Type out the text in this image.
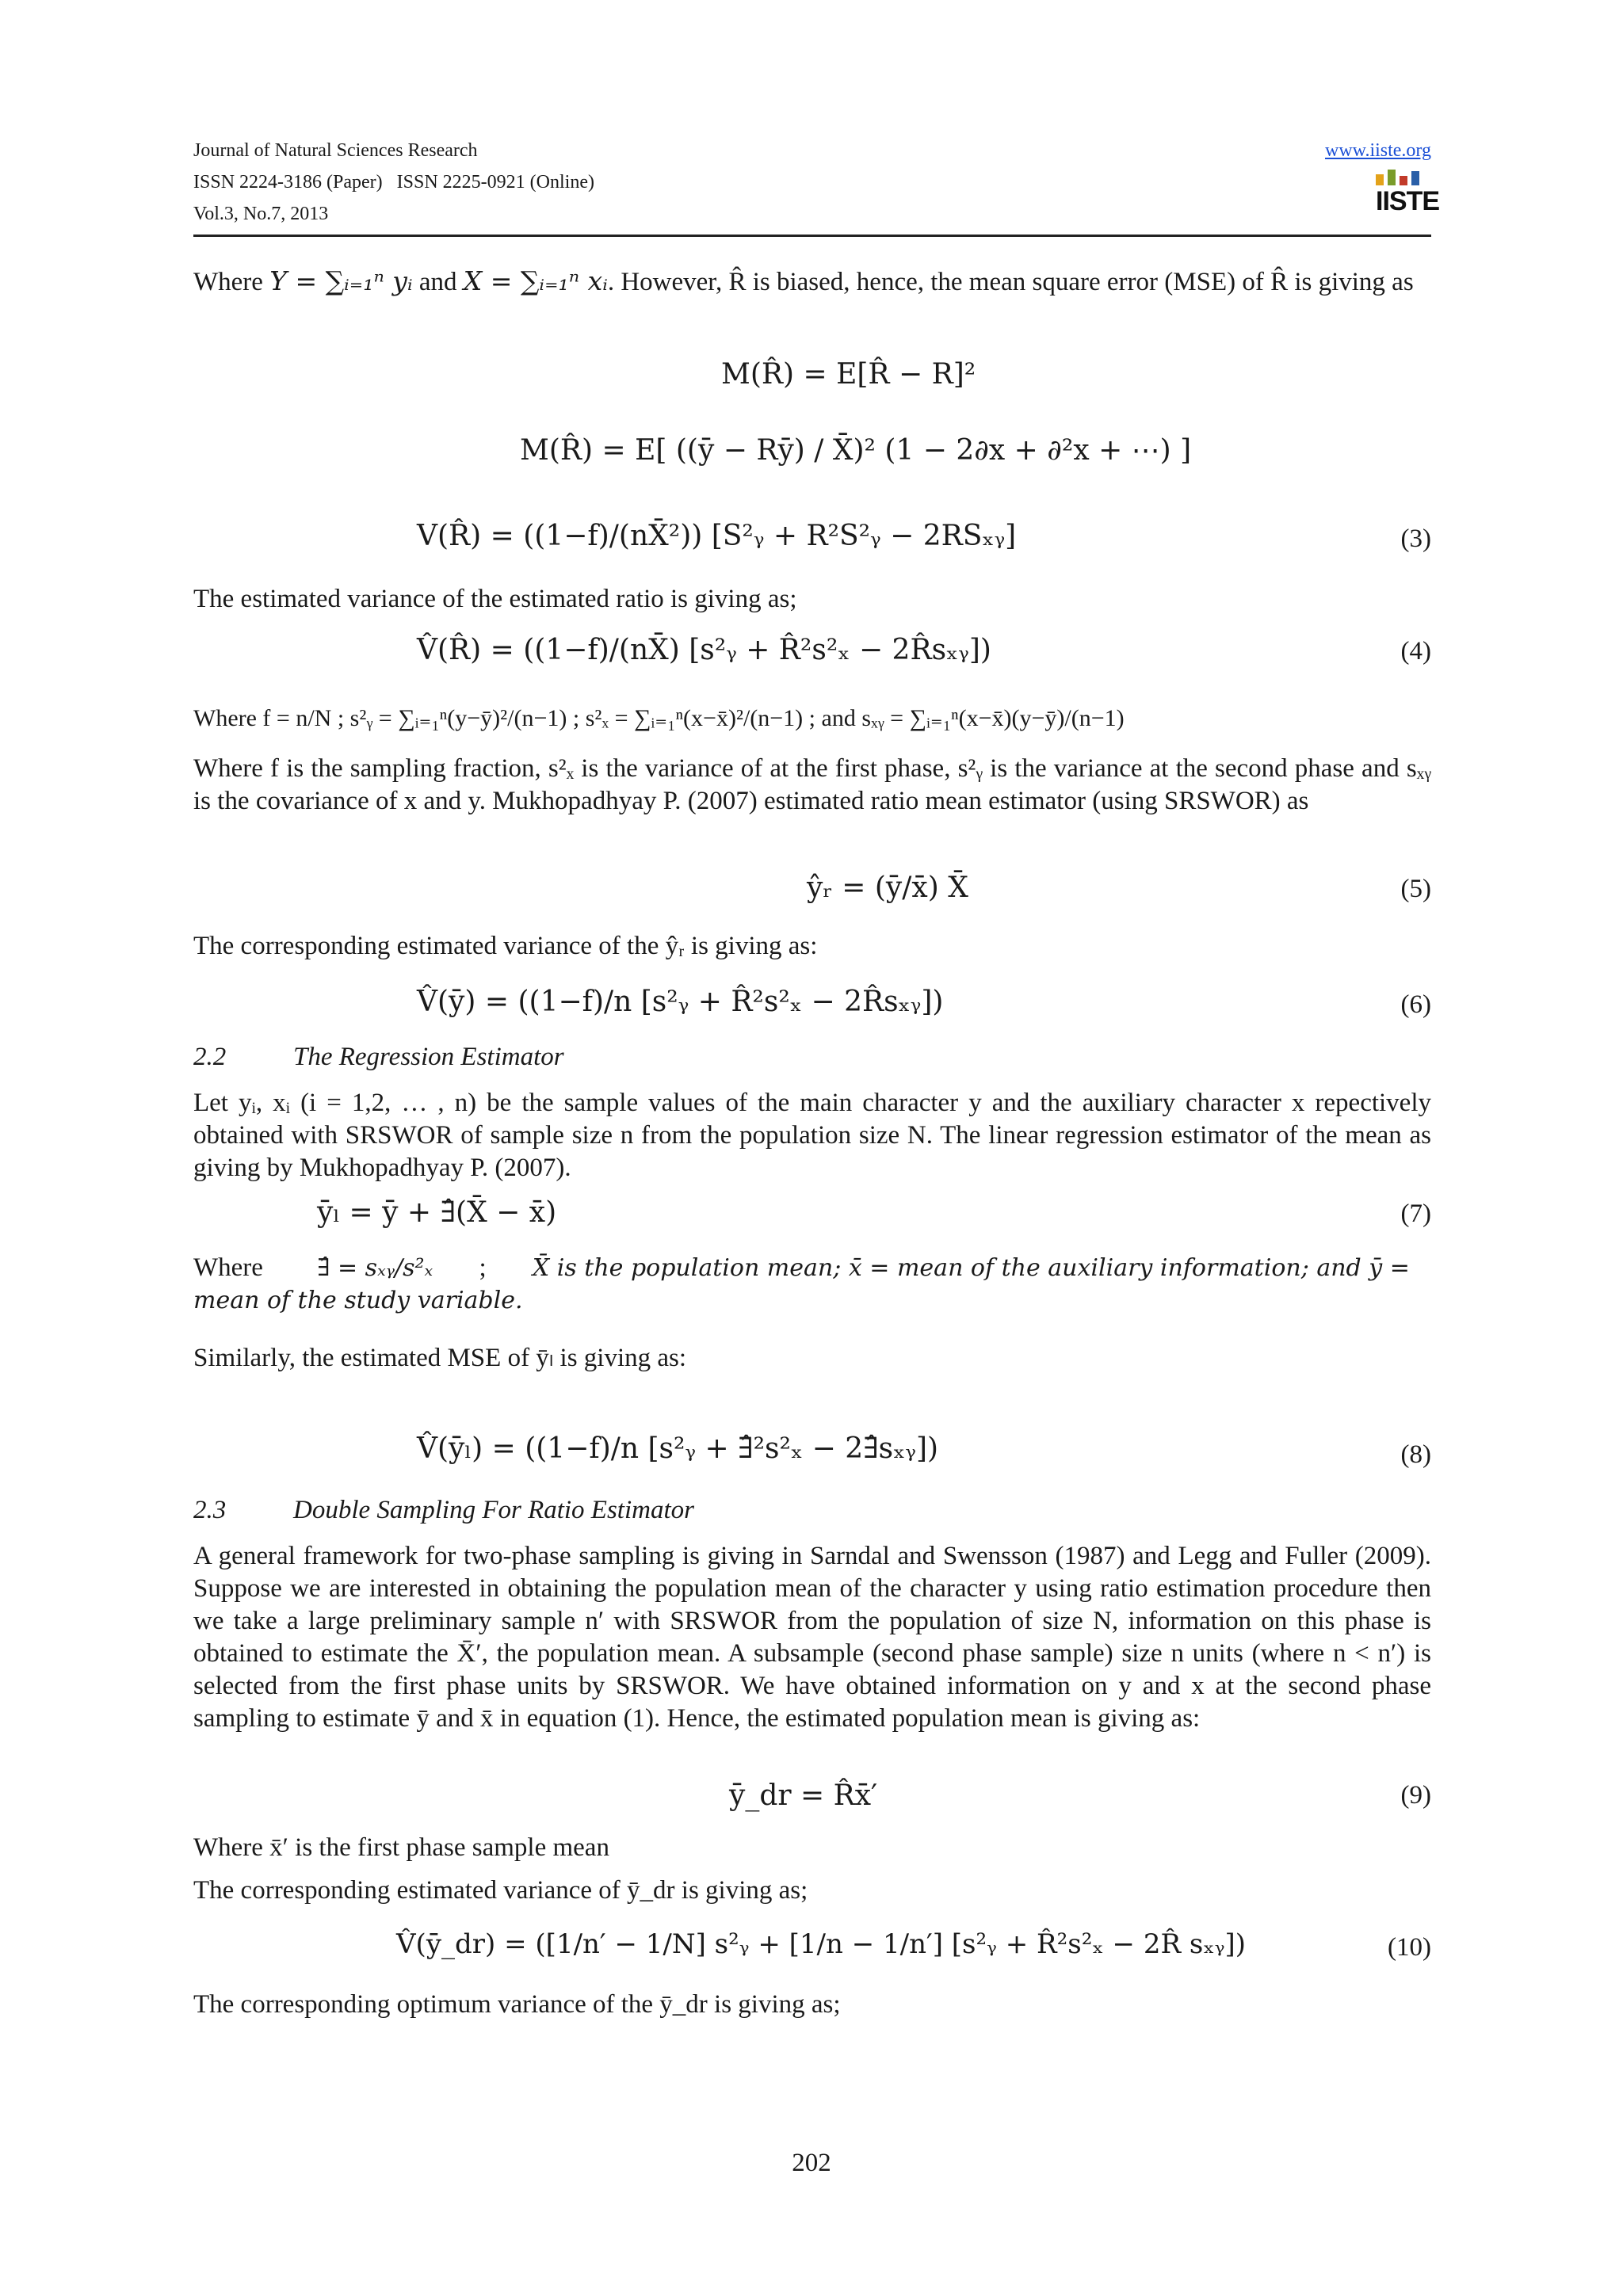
Journal of Natural Sciences Research
ISSN 2224-3186 (Paper)   ISSN 2225-0921 (Online)
Vol.3, No.7, 2013
www.iiste.org
IISTE
Where Y = ∑ᵢ₌₁ⁿ yᵢ and X = ∑ᵢ₌₁ⁿ xᵢ. However, R̂ is biased, hence, the mean square error (MSE) of R̂ is giving as
M(R̂) = E[R̂ − R]²
M(R̂) = E[ ((ȳ − Rȳ) / X̄)² (1 − 2∂x + ∂²x + ⋯) ]
V(R̂) = ((1−f)/(nX̄²)) [S²ᵧ + R²S²ᵧ − 2RSₓᵧ]	(3)
The estimated variance of the estimated ratio is giving as;
V̂(R̂) = ((1−f)/(nX̄) [s²ᵧ + R̂²s²ₓ − 2R̂sₓᵧ])	(4)
Where f = n/N ; s²ᵧ = ∑ᵢ₌₁ⁿ(y−ȳ)²/(n−1) ; s²ₓ = ∑ᵢ₌₁ⁿ(x−x̄)²/(n−1) ; and sₓᵧ = ∑ᵢ₌₁ⁿ(x−x̄)(y−ȳ)/(n−1)
Where f is the sampling fraction, s²ₓ is the variance of at the first phase, s²ᵧ is the variance at the second phase and sₓᵧ is the covariance of x and y. Mukhopadhyay P. (2007) estimated ratio mean estimator (using SRSWOR) as
ŷᵣ = (ȳ/x̄) X̄	(5)
The corresponding estimated variance of the ŷᵣ is giving as:
V̂(ȳ) = ((1−f)/n [s²ᵧ + R̂²s²ₓ − 2R̂sₓᵧ])	(6)
2.2	The Regression Estimator
Let yᵢ, xᵢ (i = 1,2, … , n) be the sample values of the main character y and the auxiliary character x repectively obtained with SRSWOR of sample size n from the population size N. The linear regression estimator of the mean as giving by Mukhopadhyay P. (2007).
ȳₗ = ȳ + ∃̂(X̄ − x̄)	(7)
Where ∃̂ = sₓᵧ/s²ₓ ; X̄ is the population mean; x̄ = mean of the auxiliary information; and ȳ = mean of the study variable.
Similarly, the estimated MSE of ȳₗ is giving as:
V̂(ȳₗ) = ((1−f)/n [s²ᵧ + ∃̂²s²ₓ − 2∃̂sₓᵧ])	(8)
2.3	Double Sampling For Ratio Estimator
A general framework for two-phase sampling is giving in Sarndal and Swensson (1987) and Legg and Fuller (2009). Suppose we are interested in obtaining the population mean of the character y using ratio estimation procedure then we take a large preliminary sample n′ with SRSWOR from the population of size N, information on this phase is obtained to estimate the X̄′, the population mean. A subsample (second phase sample) size n units (where n < n′) is selected from the first phase units by SRSWOR. We have obtained information on y and x at the second phase sampling to estimate ȳ and x̄ in equation (1). Hence, the estimated population mean is giving as:
ȳ_dr = R̂x̄′	(9)
Where x̄′ is the first phase sample mean
The corresponding estimated variance of ȳ_dr is giving as;
V̂(ȳ_dr) = ([1/n′ − 1/N] s²ᵧ + [1/n − 1/n′] [s²ᵧ + R̂²s²ₓ − 2R̂ sₓᵧ])	(10)
The corresponding optimum variance of the ȳ_dr is giving as;
202
